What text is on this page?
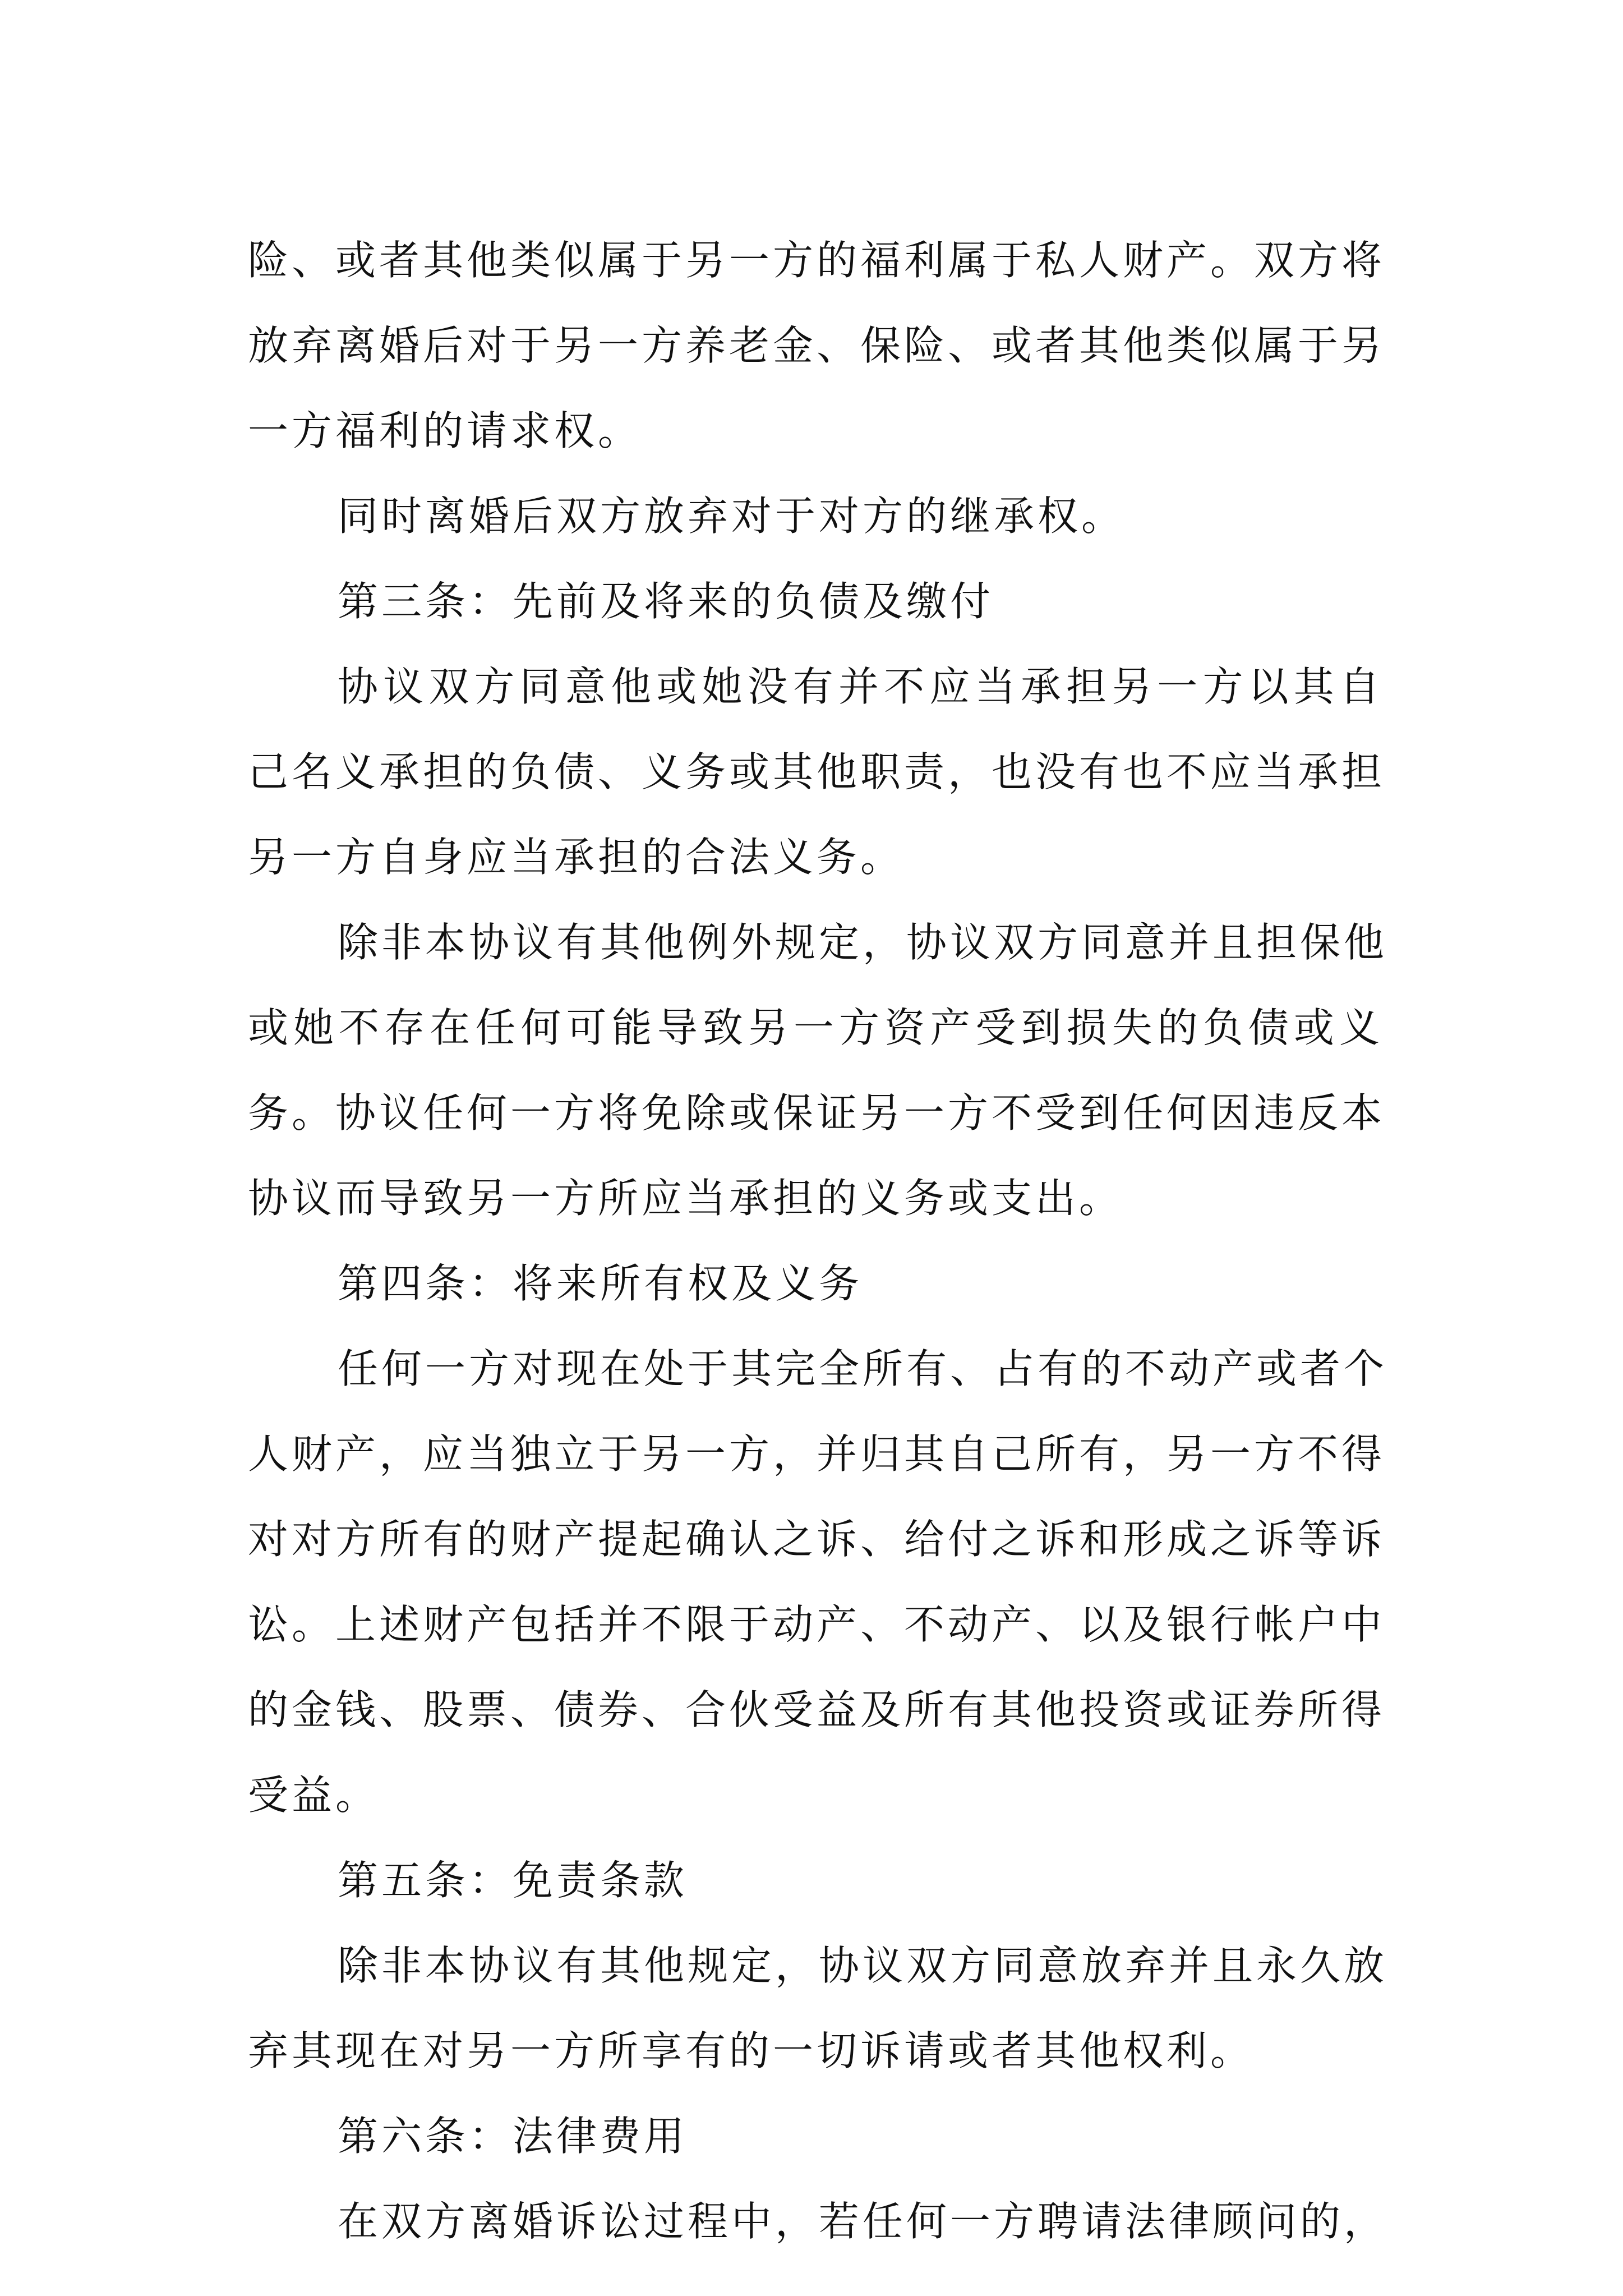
险、或者其他类似属于另一方的福利属于私人财产。双方将
放弃离婚后对于另一方养老金、保险、或者其他类似属于另
一方福利的请求权。
同时离婚后双方放弃对于对方的继承权。
第三条：先前及将来的负债及缴付
协议双方同意他或她没有并不应当承担另一方以其自
己名义承担的负债、义务或其他职责，也没有也不应当承担
另一方自身应当承担的合法义务。
除非本协议有其他例外规定，协议双方同意并且担保他
或她不存在任何可能导致另一方资产受到损失的负债或义
务。协议任何一方将免除或保证另一方不受到任何因违反本
协议而导致另一方所应当承担的义务或支出。
第四条：将来所有权及义务
任何一方对现在处于其完全所有、占有的不动产或者个
人财产，应当独立于另一方，并归其自己所有，另一方不得
对对方所有的财产提起确认之诉、给付之诉和形成之诉等诉
讼。上述财产包括并不限于动产、不动产、以及银行帐户中
的金钱、股票、债券、合伙受益及所有其他投资或证券所得
受益。
第五条：免责条款
除非本协议有其他规定，协议双方同意放弃并且永久放
弃其现在对另一方所享有的一切诉请或者其他权利。
第六条：法律费用
在双方离婚诉讼过程中，若任何一方聘请法律顾问的，
